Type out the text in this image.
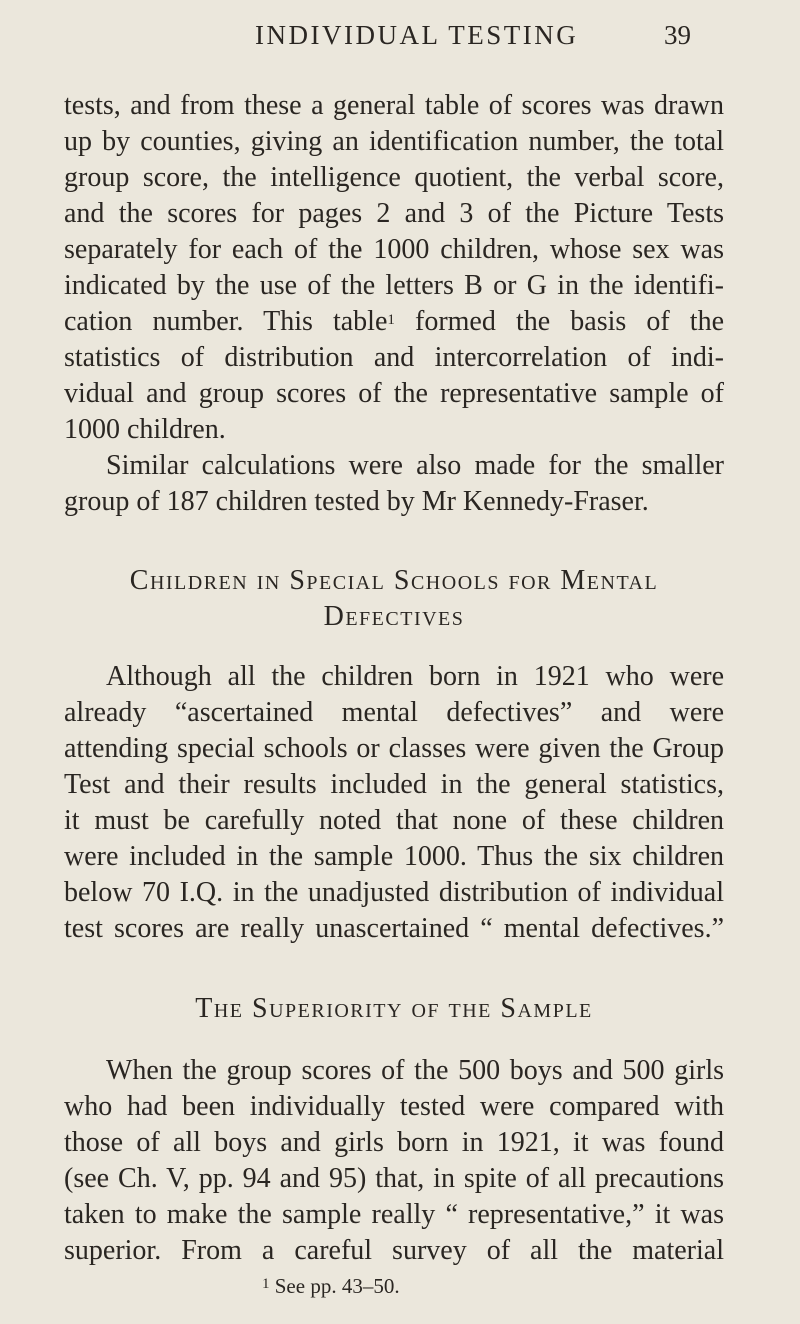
INDIVIDUAL TESTING	39

tests, and from these a general table of scores was drawn

up by counties, giving an identification number, the total

group score, the intelligence quotient, the verbal score,

and the scores for pages 2 and 3 of the Picture Tests

separately for each of the 1000 children, whose sex was

indicated by the use of the letters B or G in the identifi-

cation number. This table$^1$ formed the basis of the

statistics of distribution and intercorrelation of indi-

vidual and group scores of the representative sample of

1000 children.

Similar calculations were also made for the smaller

group of 187 children tested by Mr Kennedy-Fraser.

Children in Special Schools for Mental
Defectives

Although all the children born in 1921 who were

already “ascertained mental defectives” and were

attending special schools or classes were given the Group

Test and their results included in the general statistics,

it must be carefully noted that none of these children

were included in the sample 1000. Thus the six children

below 70 I.Q. in the unadjusted distribution of individual

test scores are really unascertained “ mental defectives.”

The Superiority of the Sample

When the group scores of the 500 boys and 500 girls

who had been individually tested were compared with

those of all boys and girls born in 1921, it was found

(see Ch. V, pp. 94 and 95) that, in spite of all precautions

taken to make the sample really “ representative,” it was

superior. From a careful survey of all the material

$^1$ See pp. 43–50.
